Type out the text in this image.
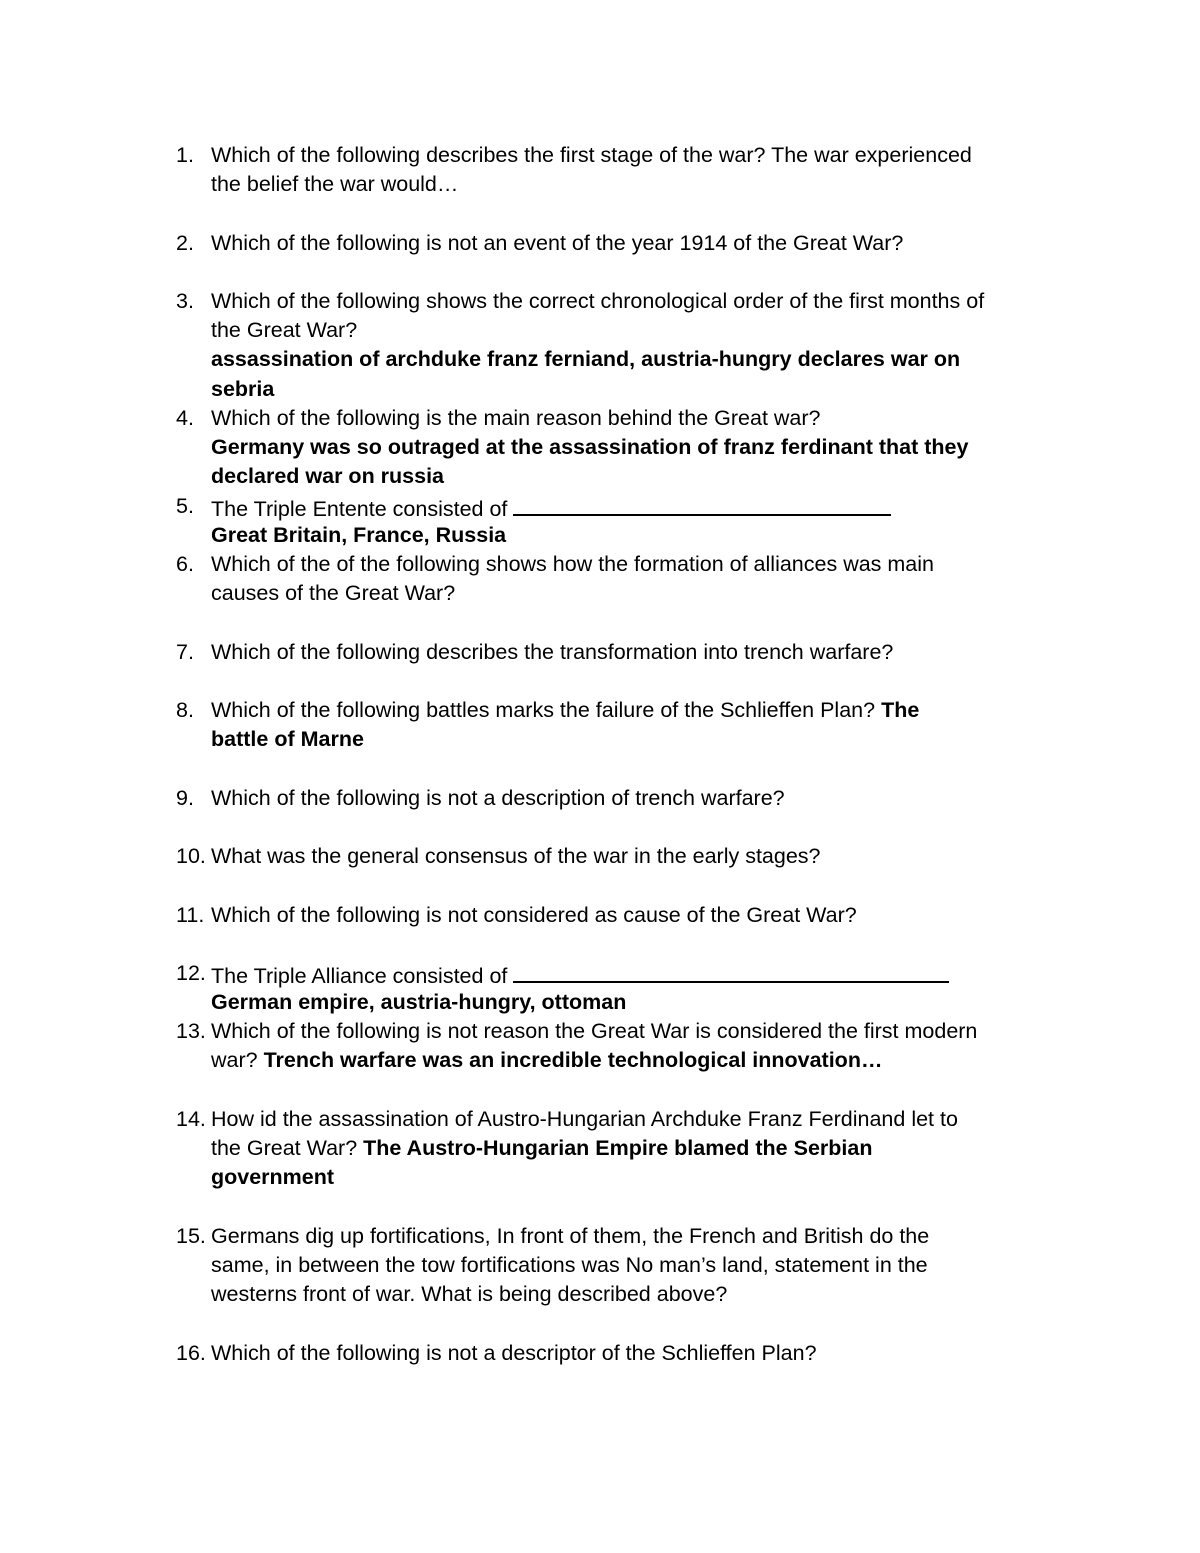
1. Which of the following describes the first stage of the war? The war experienced
the belief the war would…
2. Which of the following is not an event of the year 1914 of the Great War?
3. Which of the following shows the correct chronological order of the first months of
the Great War?
assassination of archduke franz ferniand, austria-hungry declares war on
sebria
4. Which of the following is the main reason behind the Great war?
Germany was so outraged at the assassination of franz ferdinant that they
declared war on russia
5. The Triple Entente consisted of
Great Britain, France, Russia
6. Which of the of the following shows how the formation of alliances was main
causes of the Great War?
7. Which of the following describes the transformation into trench warfare?
8. Which of the following battles marks the failure of the Schlieffen Plan? The
battle of Marne
9. Which of the following is not a description of trench warfare?
10. What was the general consensus of the war in the early stages?
11. Which of the following is not considered as cause of the Great War?
12. The Triple Alliance consisted of
German empire, austria-hungry, ottoman
13. Which of the following is not reason the Great War is considered the first modern
war? Trench warfare was an incredible technological innovation…
14. How id the assassination of Austro-Hungarian Archduke Franz Ferdinand let to
the Great War? The Austro-Hungarian Empire blamed the Serbian
government
15. Germans dig up fortifications, In front of them, the French and British do the
same, in between the tow fortifications was No man’s land, statement in the
westerns front of war. What is being described above?
16. Which of the following is not a descriptor of the Schlieffen Plan?
